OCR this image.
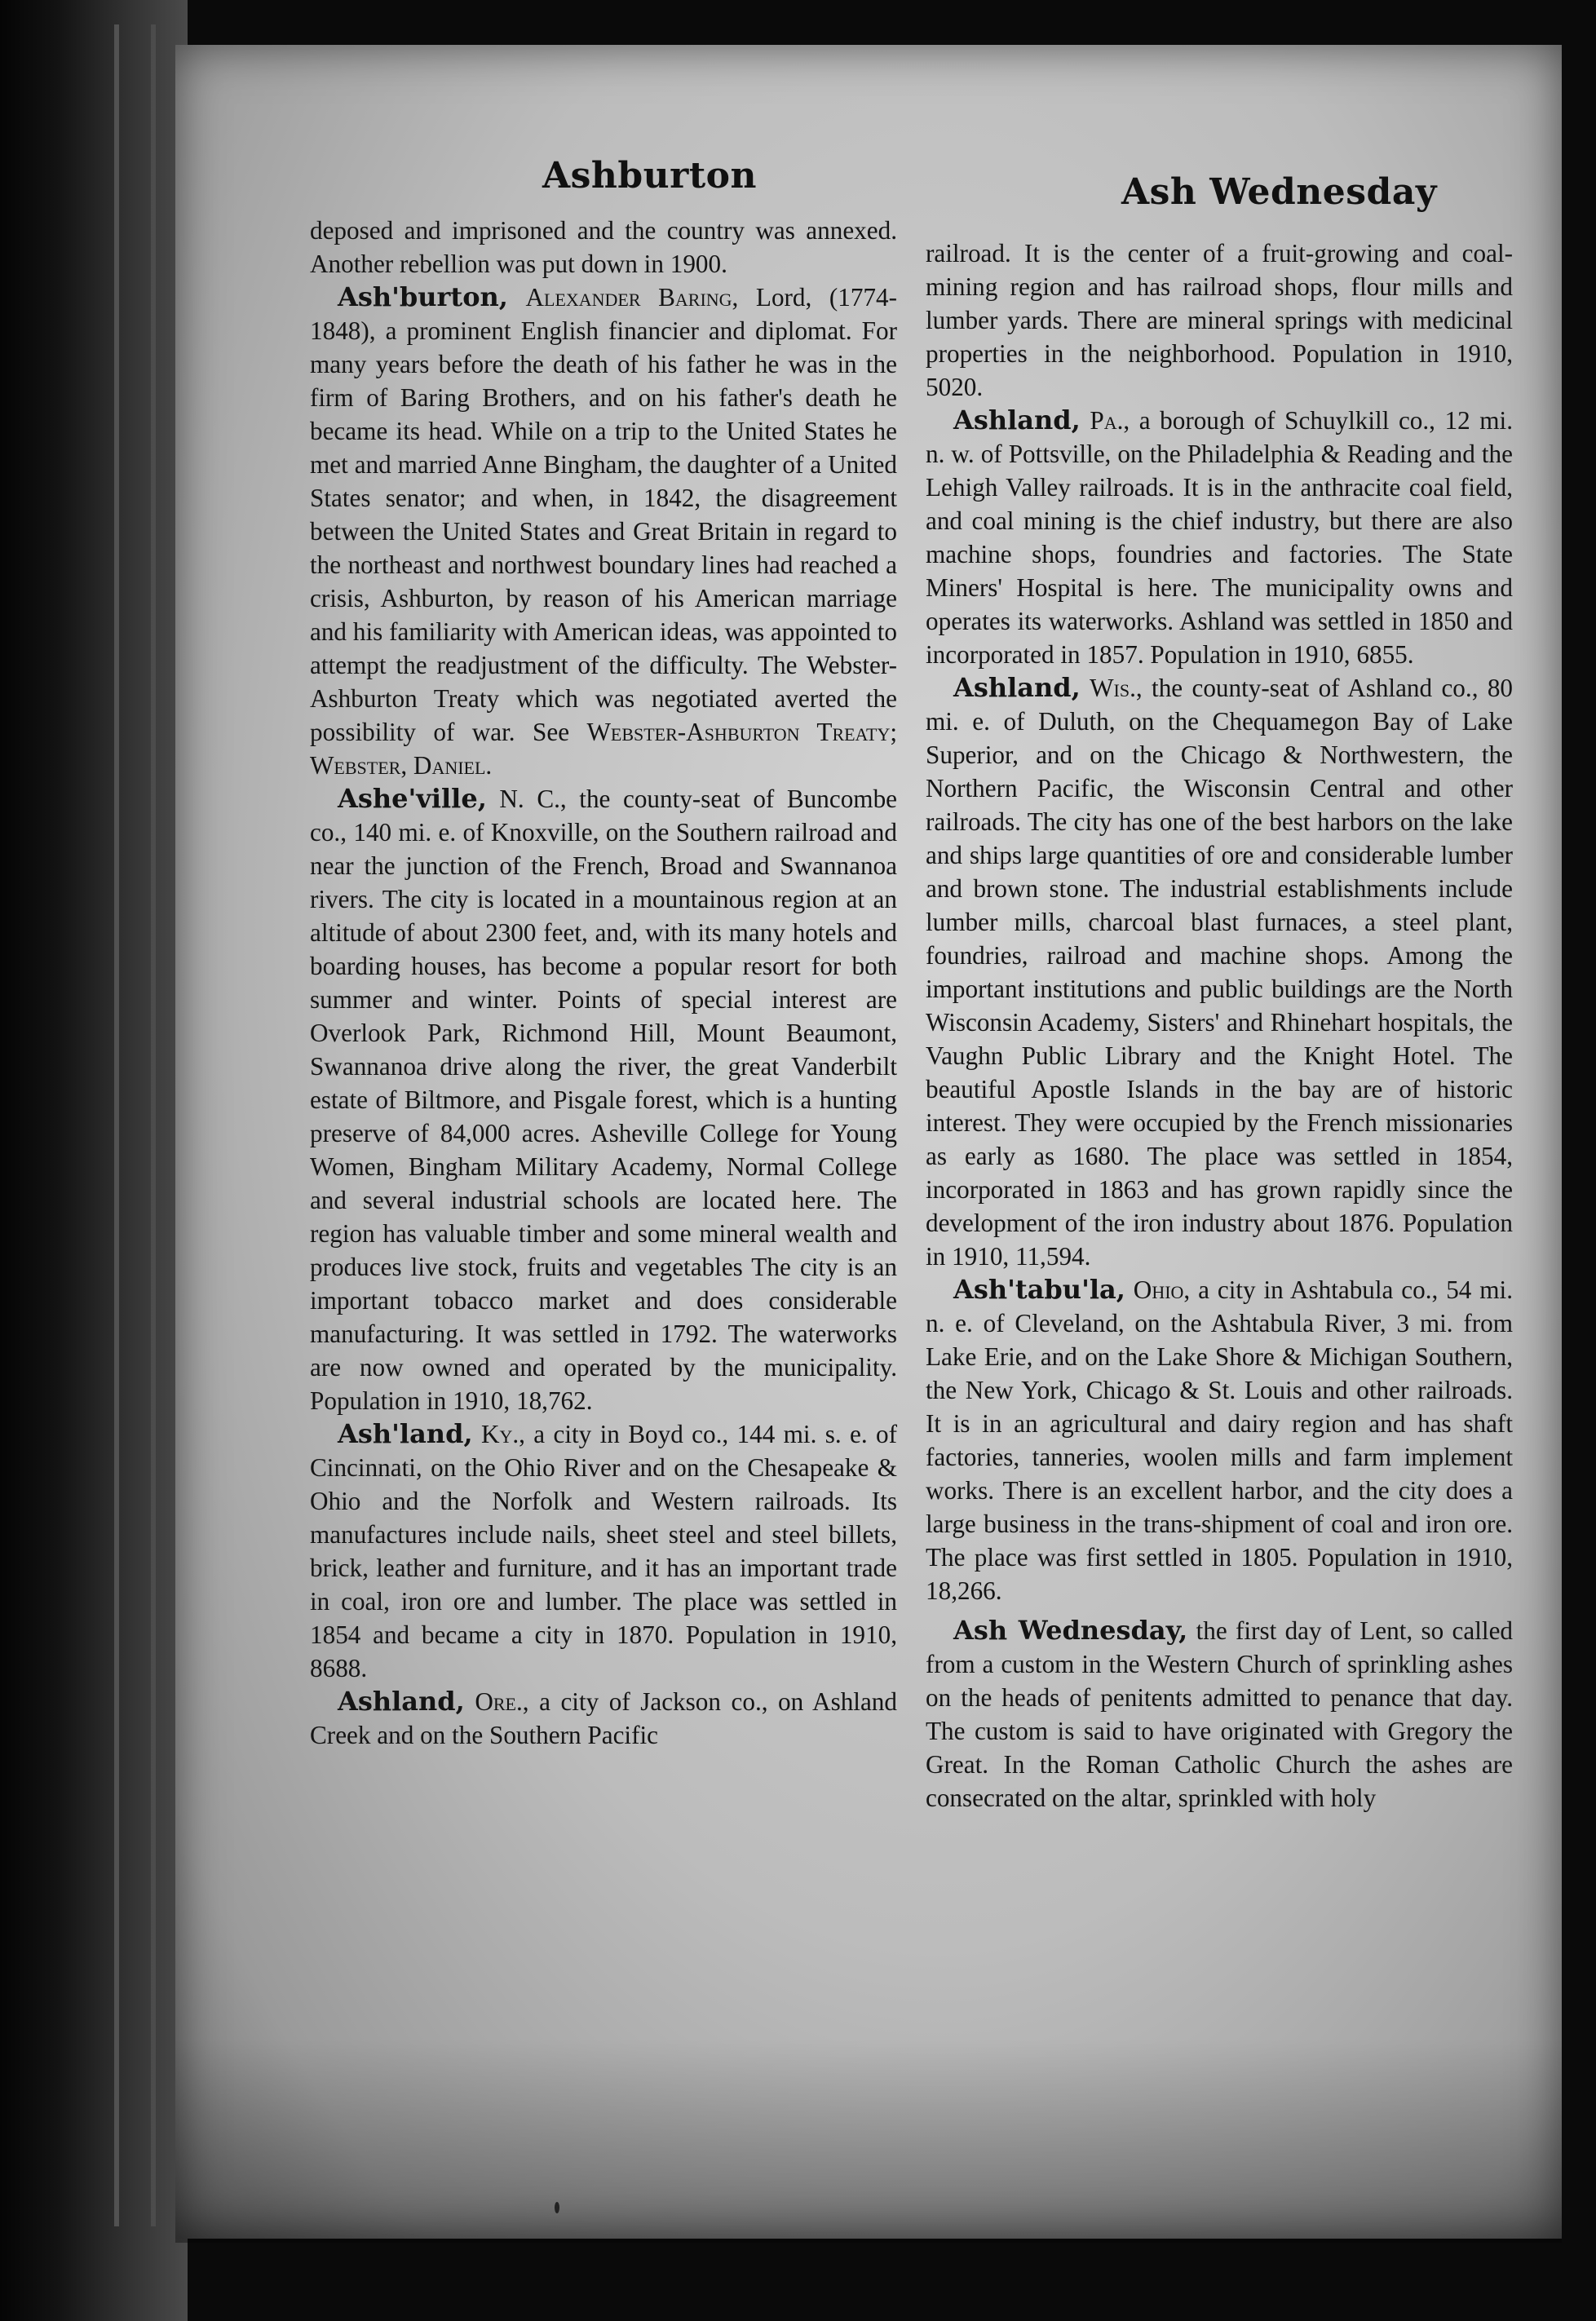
Ashburton	Ash Wednesday

deposed and imprisoned and the country was annexed. Another rebellion was put down in 1900.

Ash'burton, Alexander Baring, Lord, (1774-1848), a prominent English financier and diplomat. For many years before the death of his father he was in the firm of Baring Brothers, and on his father's death he became its head. While on a trip to the United States he met and married Anne Bingham, the daughter of a United States senator; and when, in 1842, the disagreement between the United States and Great Britain in regard to the northeast and northwest boundary lines had reached a crisis, Ashburton, by reason of his American marriage and his familiarity with American ideas, was appointed to attempt the readjustment of the difficulty. The Webster-Ashburton Treaty which was negotiated averted the possibility of war. See Webster-Ashburton Treaty; Webster, Daniel.

Ashe'ville, N. C., the county-seat of Buncombe co., 140 mi. e. of Knoxville, on the Southern railroad and near the junction of the French, Broad and Swannanoa rivers. The city is located in a mountainous region at an altitude of about 2300 feet, and, with its many hotels and boarding houses, has become a popular resort for both summer and winter. Points of special interest are Overlook Park, Richmond Hill, Mount Beaumont, Swannanoa drive along the river, the great Vanderbilt estate of Biltmore, and Pisgale forest, which is a hunting preserve of 84,000 acres. Asheville College for Young Women, Bingham Military Academy, Normal College and several industrial schools are located here. The region has valuable timber and some mineral wealth and produces live stock, fruits and vegetables The city is an important tobacco market and does considerable manufacturing. It was settled in 1792. The waterworks are now owned and operated by the municipality. Population in 1910, 18,762.

Ash'land, Ky., a city in Boyd co., 144 mi. s. e. of Cincinnati, on the Ohio River and on the Chesapeake & Ohio and the Norfolk and Western railroads. Its manufactures include nails, sheet steel and steel billets, brick, leather and furniture, and it has an important trade in coal, iron ore and lumber. The place was settled in 1854 and became a city in 1870. Population in 1910, 8688.

Ashland, Ore., a city of Jackson co., on Ashland Creek and on the Southern Pacific

railroad. It is the center of a fruit-growing and coal-mining region and has railroad shops, flour mills and lumber yards. There are mineral springs with medicinal properties in the neighborhood. Population in 1910, 5020.

Ashland, Pa., a borough of Schuylkill co., 12 mi. n. w. of Pottsville, on the Philadelphia & Reading and the Lehigh Valley railroads. It is in the anthracite coal field, and coal mining is the chief industry, but there are also machine shops, foundries and factories. The State Miners' Hospital is here. The municipality owns and operates its waterworks. Ashland was settled in 1850 and incorporated in 1857. Population in 1910, 6855.

Ashland, Wis., the county-seat of Ashland co., 80 mi. e. of Duluth, on the Chequamegon Bay of Lake Superior, and on the Chicago & Northwestern, the Northern Pacific, the Wisconsin Central and other railroads. The city has one of the best harbors on the lake and ships large quantities of ore and considerable lumber and brown stone. The industrial establishments include lumber mills, charcoal blast furnaces, a steel plant, foundries, railroad and machine shops. Among the important institutions and public buildings are the North Wisconsin Academy, Sisters' and Rhinehart hospitals, the Vaughn Public Library and the Knight Hotel. The beautiful Apostle Islands in the bay are of historic interest. They were occupied by the French missionaries as early as 1680. The place was settled in 1854, incorporated in 1863 and has grown rapidly since the development of the iron industry about 1876. Population in 1910, 11,594.

Ash'tabu'la, Ohio, a city in Ashtabula co., 54 mi. n. e. of Cleveland, on the Ashtabula River, 3 mi. from Lake Erie, and on the Lake Shore & Michigan Southern, the New York, Chicago & St. Louis and other railroads. It is in an agricultural and dairy region and has shaft factories, tanneries, woolen mills and farm implement works. There is an excellent harbor, and the city does a large business in the trans-shipment of coal and iron ore. The place was first settled in 1805. Population in 1910, 18,266.

Ash Wednesday, the first day of Lent, so called from a custom in the Western Church of sprinkling ashes on the heads of penitents admitted to penance that day. The custom is said to have originated with Gregory the Great. In the Roman Catholic Church the ashes are consecrated on the altar, sprinkled with holy
